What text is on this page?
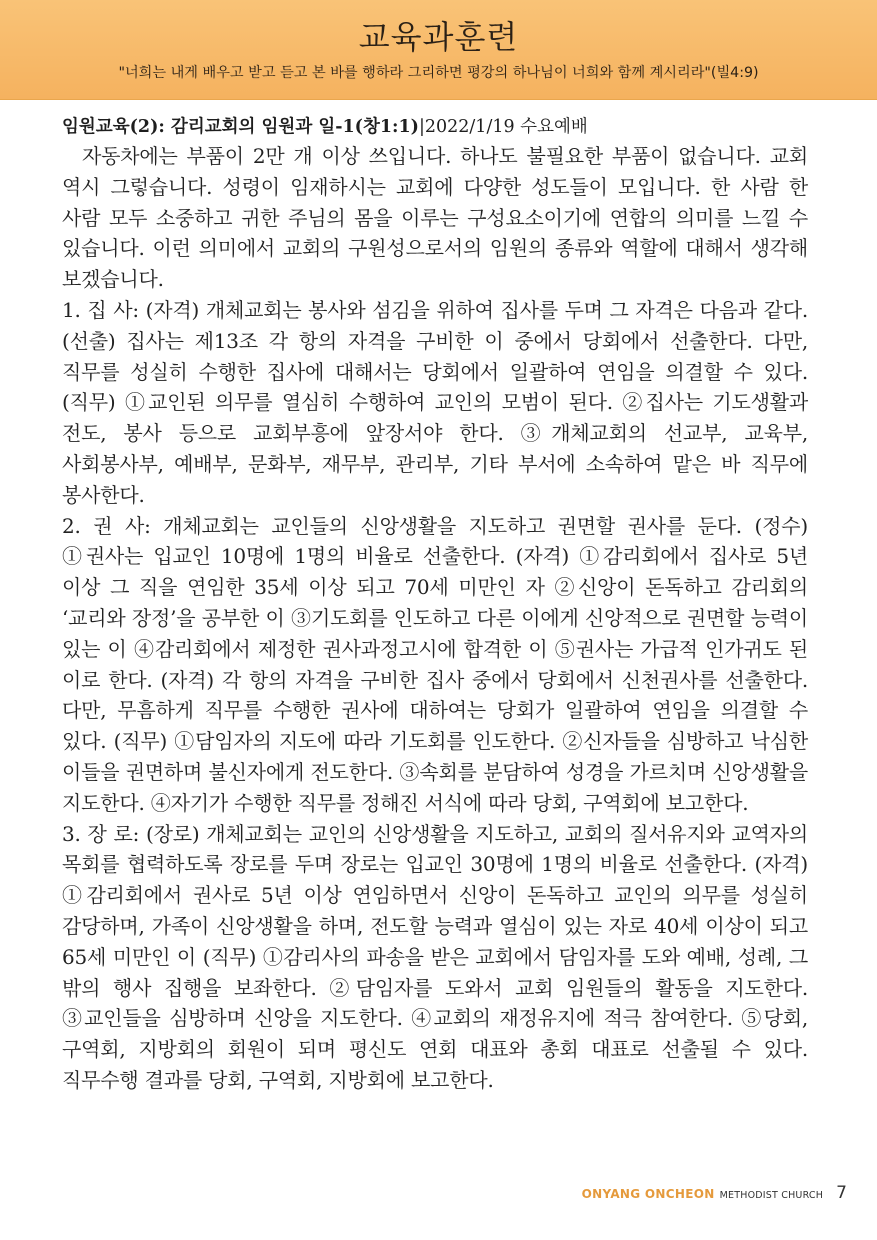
교육과훈련
"너희는 내게 배우고 받고 듣고 본 바를 행하라 그리하면 평강의 하나님이 너희와 함께 계시리라"(빌4:9)
임원교육(2): 감리교회의 임원과 일-1(창1:1)|2022/1/19 수요예배

자동차에는 부품이 2만 개 이상 쓰입니다. 하나도 불필요한 부품이 없습니다. 교회 역시 그렇습니다. 성령이 임재하시는 교회에 다양한 성도들이 모입니다. 한 사람 한 사람 모두 소중하고 귀한 주님의 몸을 이루는 구성요소이기에 연합의 의미를 느낄 수 있습니다. 이런 의미에서 교회의 구원성으로서의 임원의 종류와 역할에 대해서 생각해 보겠습니다.

1. 집 사: (자격) 개체교회는 봉사와 섬김을 위하여 집사를 두며 그 자격은 다음과 같다. (선출) 집사는 제13조 각 항의 자격을 구비한 이 중에서 당회에서 선출한다. 다만, 직무를 성실히 수행한 집사에 대해서는 당회에서 일괄하여 연임을 의결할 수 있다. (직무) ①교인된 의무를 열심히 수행하여 교인의 모범이 된다. ②집사는 기도생활과 전도, 봉사 등으로 교회부흥에 앞장서야 한다. ③개체교회의 선교부, 교육부, 사회봉사부, 예배부, 문화부, 재무부, 관리부, 기타 부서에 소속하여 맡은 바 직무에 봉사한다.

2. 권 사: 개체교회는 교인들의 신앙생활을 지도하고 권면할 권사를 둔다. (정수) ①권사는 입교인 10명에 1명의 비율로 선출한다. (자격) ①감리회에서 집사로 5년 이상 그 직을 연임한 35세 이상 되고 70세 미만인 자 ②신앙이 돈독하고 감리회의 ‘교리와 장정’을 공부한 이 ③기도회를 인도하고 다른 이에게 신앙적으로 권면할 능력이 있는 이 ④감리회에서 제정한 권사과정고시에 합격한 이 ⑤권사는 가급적 인가귀도 된 이로 한다. (자격) 각 항의 자격을 구비한 집사 중에서 당회에서 신천권사를 선출한다. 다만, 무흠하게 직무를 수행한 권사에 대하여는 당회가 일괄하여 연임을 의결할 수 있다. (직무) ①담임자의 지도에 따라 기도회를 인도한다. ②신자들을 심방하고 낙심한 이들을 권면하며 불신자에게 전도한다. ③속회를 분담하여 성경을 가르치며 신앙생활을 지도한다. ④자기가 수행한 직무를 정해진 서식에 따라 당회, 구역회에 보고한다.

3. 장 로: (장로) 개체교회는 교인의 신앙생활을 지도하고, 교회의 질서유지와 교역자의 목회를 협력하도록 장로를 두며 장로는 입교인 30명에 1명의 비율로 선출한다. (자격) ①감리회에서 권사로 5년 이상 연임하면서 신앙이 돈독하고 교인의 의무를 성실히 감당하며, 가족이 신앙생활을 하며, 전도할 능력과 열심이 있는 자로 40세 이상이 되고 65세 미만인 이 (직무) ①감리사의 파송을 받은 교회에서 담임자를 도와 예배, 성례, 그 밖의 행사 집행을 보좌한다. ②담임자를 도와서 교회 임원들의 활동을 지도한다. ③교인들을 심방하며 신앙을 지도한다. ④교회의 재정유지에 적극 참여한다. ⑤당회, 구역회, 지방회의 회원이 되며 평신도 연회 대표와 총회 대표로 선출될 수 있다. 직무수행 결과를 당회, 구역회, 지방회에 보고한다.

ONYANG ONCHEON METHODIST CHURCH 7
